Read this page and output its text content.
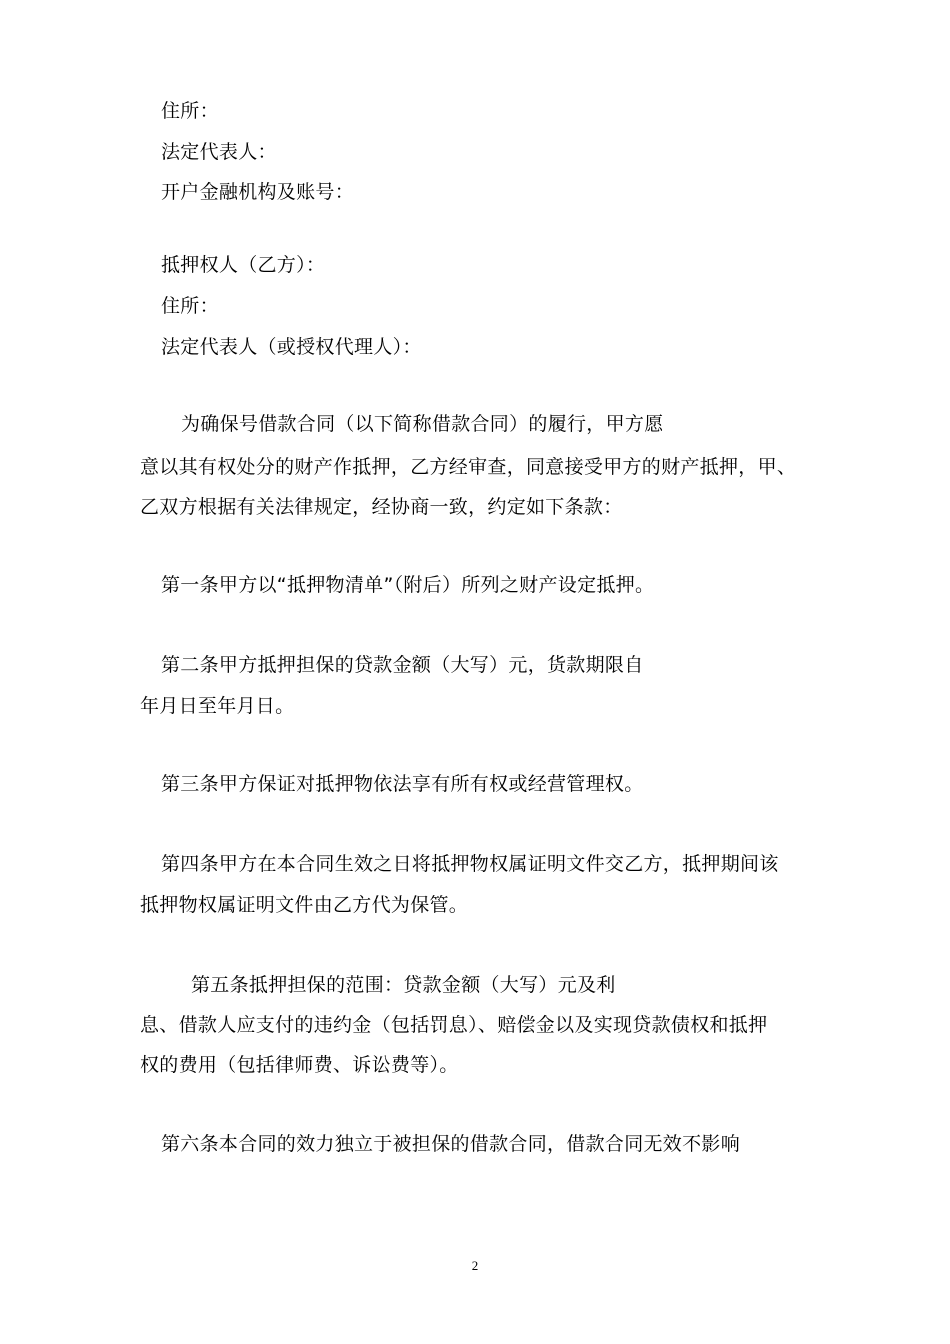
住所：
法定代表人：
开户金融机构及账号：
抵押权人（乙方）：
住所：
法定代表人（或授权代理人）：
为确保号借款合同（以下简称借款合同）的履行，甲方愿
意以其有权处分的财产作抵押，乙方经审查，同意接受甲方的财产抵押，甲、
乙双方根据有关法律规定，经协商一致，约定如下条款：
第一条甲方以“抵押物清单”（附后）所列之财产设定抵押。
第二条甲方抵押担保的贷款金额（大写）元，货款期限自
年月日至年月日。
第三条甲方保证对抵押物依法享有所有权或经营管理权。
第四条甲方在本合同生效之日将抵押物权属证明文件交乙方，抵押期间该
抵押物权属证明文件由乙方代为保管。
第五条抵押担保的范围：贷款金额（大写）元及利
息、借款人应支付的违约金（包括罚息）、赔偿金以及实现贷款债权和抵押
权的费用（包括律师费、诉讼费等）。
第六条本合同的效力独立于被担保的借款合同，借款合同无效不影响
2
